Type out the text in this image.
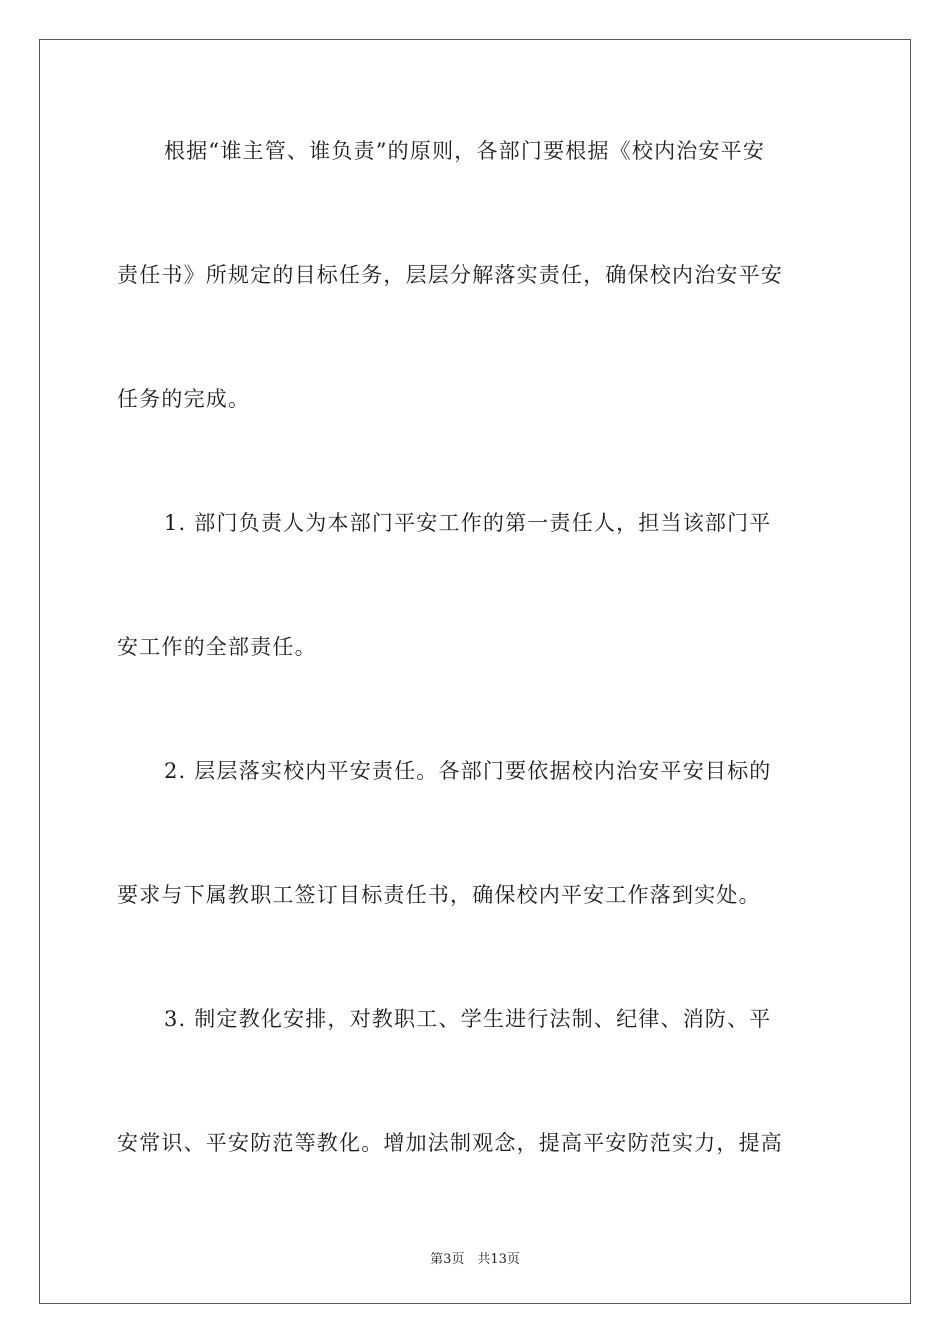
根据“谁主管、谁负责”的原则，各部门要根据《校内治安平安
责任书》所规定的目标任务，层层分解落实责任，确保校内治安平安
任务的完成。
1. 部门负责人为本部门平安工作的第一责任人，担当该部门平
安工作的全部责任。
2. 层层落实校内平安责任。各部门要依据校内治安平安目标的
要求与下属教职工签订目标责任书，确保校内平安工作落到实处。
3. 制定教化安排，对教职工、学生进行法制、纪律、消防、平
安常识、平安防范等教化。增加法制观念，提高平安防范实力，提高
第3页　共13页
